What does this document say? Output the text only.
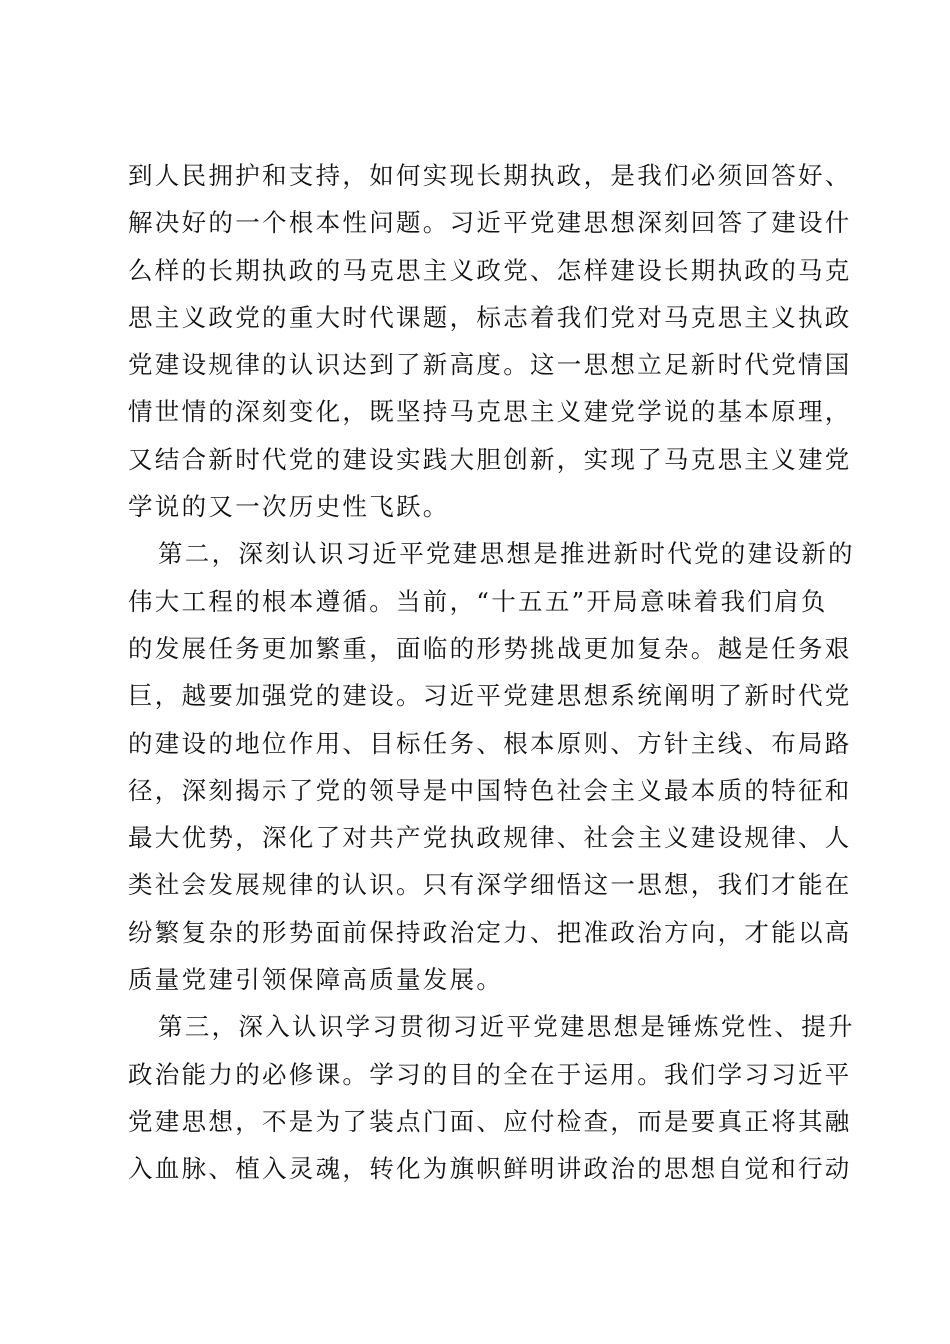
到人民拥护和支持，如何实现长期执政，是我们必须回答好、
解决好的一个根本性问题。习近平党建思想深刻回答了建设什
么样的长期执政的马克思主义政党、怎样建设长期执政的马克
思主义政党的重大时代课题，标志着我们党对马克思主义执政
党建设规律的认识达到了新高度。这一思想立足新时代党情国
情世情的深刻变化，既坚持马克思主义建党学说的基本原理，
又结合新时代党的建设实践大胆创新，实现了马克思主义建党
学说的又一次历史性飞跃。
第二，深刻认识习近平党建思想是推进新时代党的建设新的
伟大工程的根本遵循。当前，“十五五”开局意味着我们肩负
的发展任务更加繁重，面临的形势挑战更加复杂。越是任务艰
巨，越要加强党的建设。习近平党建思想系统阐明了新时代党
的建设的地位作用、目标任务、根本原则、方针主线、布局路
径，深刻揭示了党的领导是中国特色社会主义最本质的特征和
最大优势，深化了对共产党执政规律、社会主义建设规律、人
类社会发展规律的认识。只有深学细悟这一思想，我们才能在
纷繁复杂的形势面前保持政治定力、把准政治方向，才能以高
质量党建引领保障高质量发展。
第三，深入认识学习贯彻习近平党建思想是锤炼党性、提升
政治能力的必修课。学习的目的全在于运用。我们学习习近平
党建思想，不是为了装点门面、应付检查，而是要真正将其融
入血脉、植入灵魂，转化为旗帜鲜明讲政治的思想自觉和行动
